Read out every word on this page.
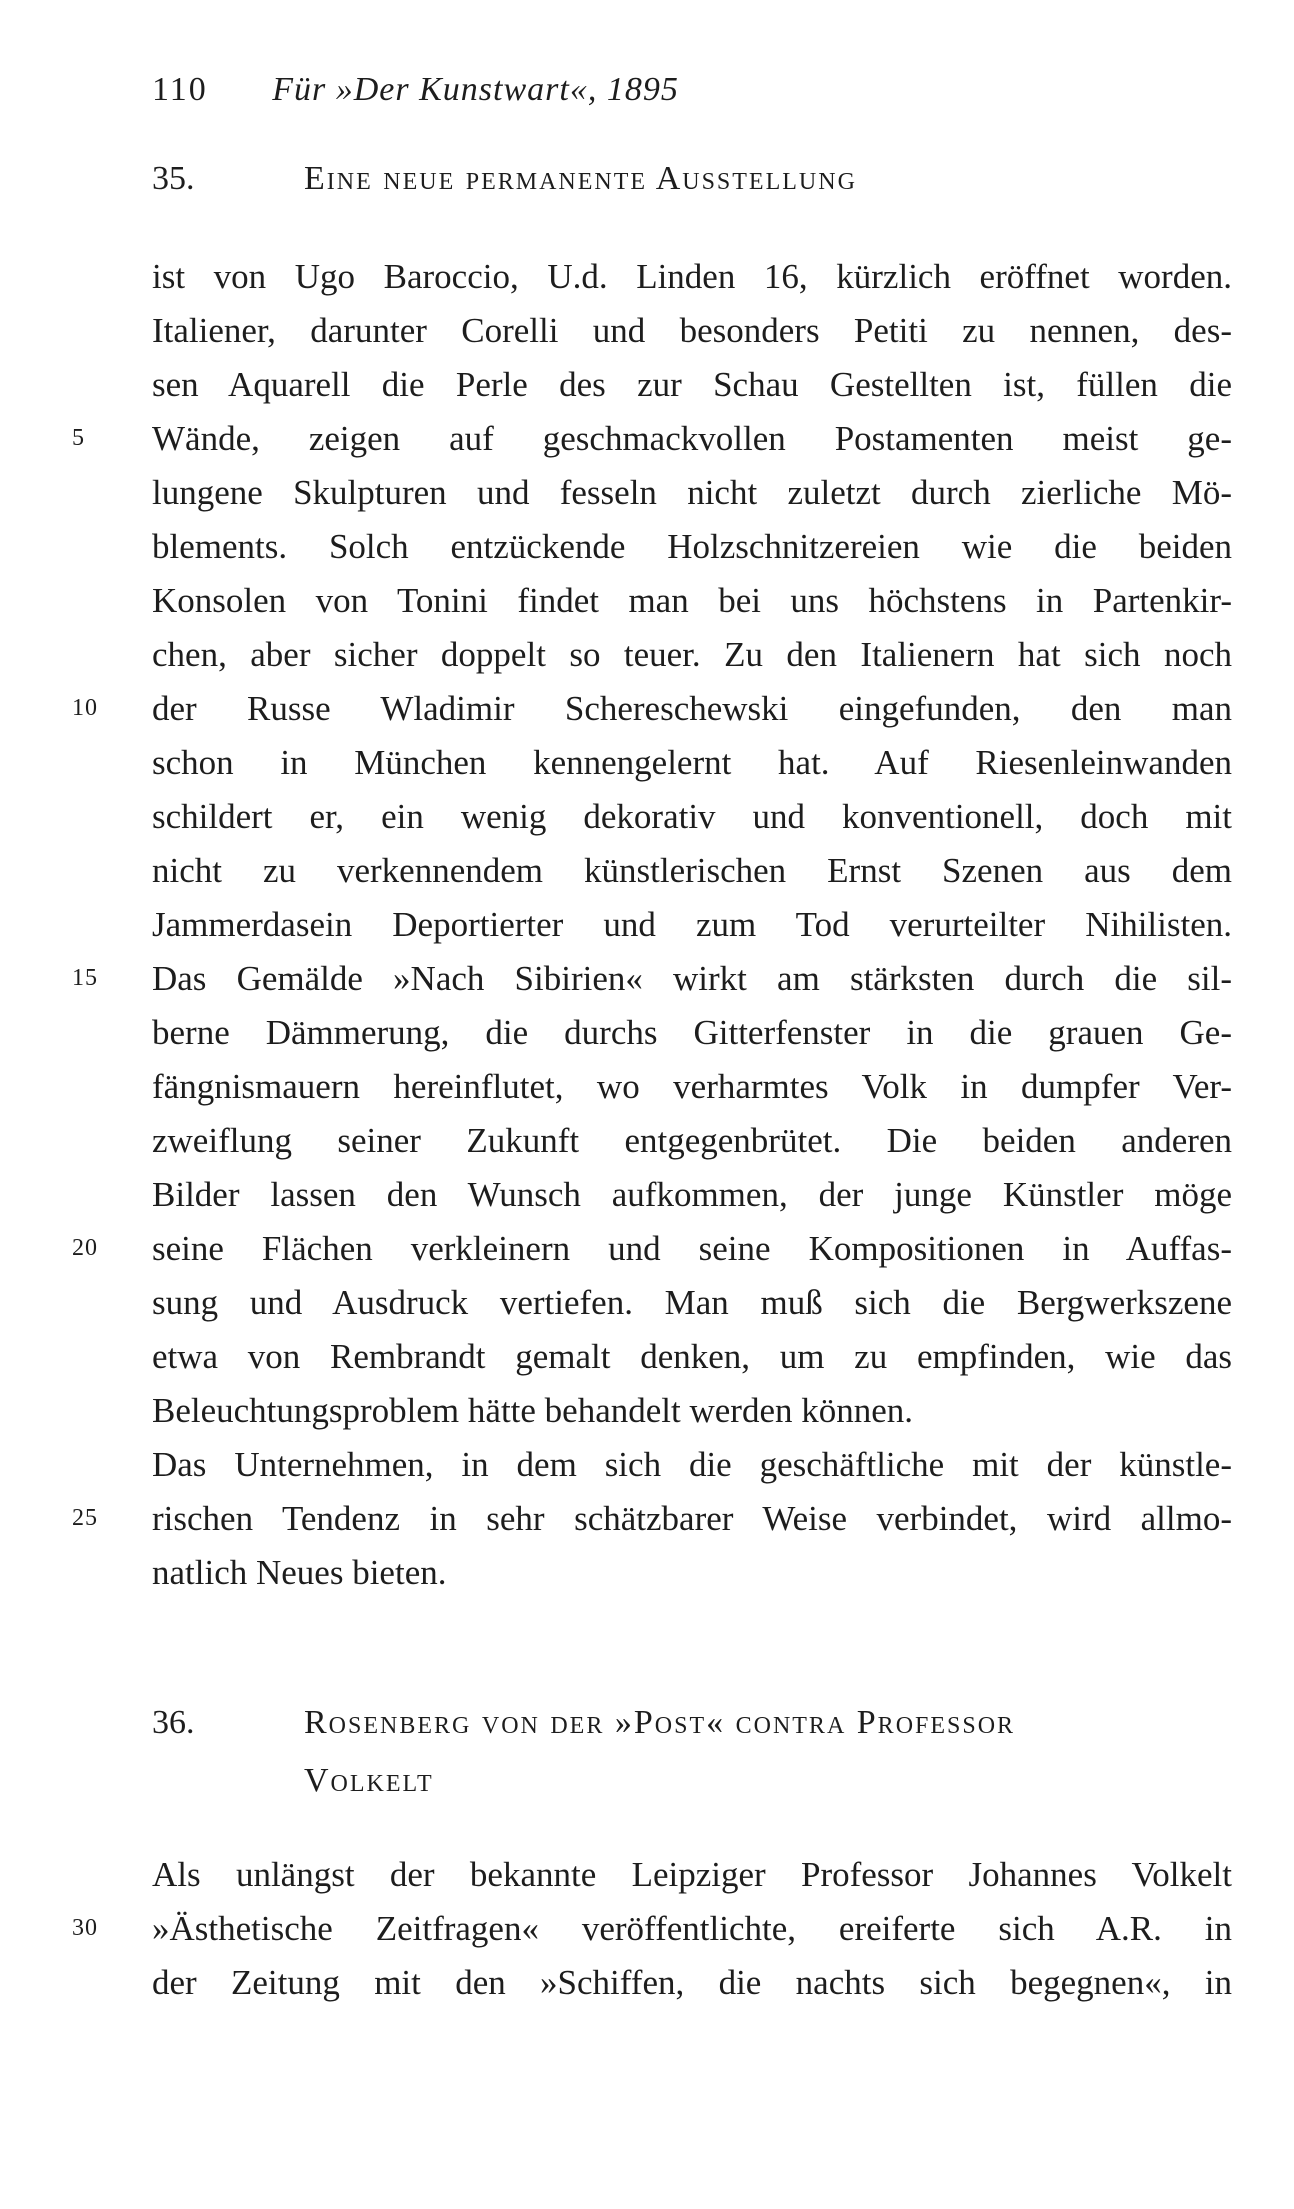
110 Für »Der Kunstwart«, 1895
35.	Eine neue permanente Ausstellung
36.	Rosenberg von der »Post« contra Professor
Volkelt
ist von Ugo Baroccio, U.d. Linden 16, kürzlich eröffnet worden.
Italiener, darunter Corelli und besonders Petiti zu nennen, des-
sen Aquarell die Perle des zur Schau Gestellten ist, füllen die
Wände, zeigen auf geschmackvollen Postamenten meist ge-
lungene Skulpturen und fesseln nicht zuletzt durch zierliche Mö-
blements. Solch entzückende Holzschnitzereien wie die beiden
Konsolen von Tonini findet man bei uns höchstens in Partenkir-
chen, aber sicher doppelt so teuer. Zu den Italienern hat sich noch
der Russe Wladimir Schereschewski eingefunden, den man
schon in München kennengelernt hat. Auf Riesenleinwanden
schildert er, ein wenig dekorativ und konventionell, doch mit
nicht zu verkennendem künstlerischen Ernst Szenen aus dem
Jammerdasein Deportierter und zum Tod verurteilter Nihilisten.
Das Gemälde »Nach Sibirien« wirkt am stärksten durch die sil-
berne Dämmerung, die durchs Gitterfenster in die grauen Ge-
fängnismauern hereinflutet, wo verharmtes Volk in dumpfer Ver-
zweiflung seiner Zukunft entgegenbrütet. Die beiden anderen
Bilder lassen den Wunsch aufkommen, der junge Künstler möge
seine Flächen verkleinern und seine Kompositionen in Auffas-
sung und Ausdruck vertiefen. Man muß sich die Bergwerkszene
etwa von Rembrandt gemalt denken, um zu empfinden, wie das
Beleuchtungsproblem hätte behandelt werden können.
Das Unternehmen, in dem sich die geschäftliche mit der künstle-
rischen Tendenz in sehr schätzbarer Weise verbindet, wird allmo-
natlich Neues bieten.
Als unlängst der bekannte Leipziger Professor Johannes Volkelt
»Ästhetische Zeitfragen« veröffentlichte, ereiferte sich A.R. in
der Zeitung mit den »Schiffen, die nachts sich begegnen«, in
5
10
15
20
25
30
